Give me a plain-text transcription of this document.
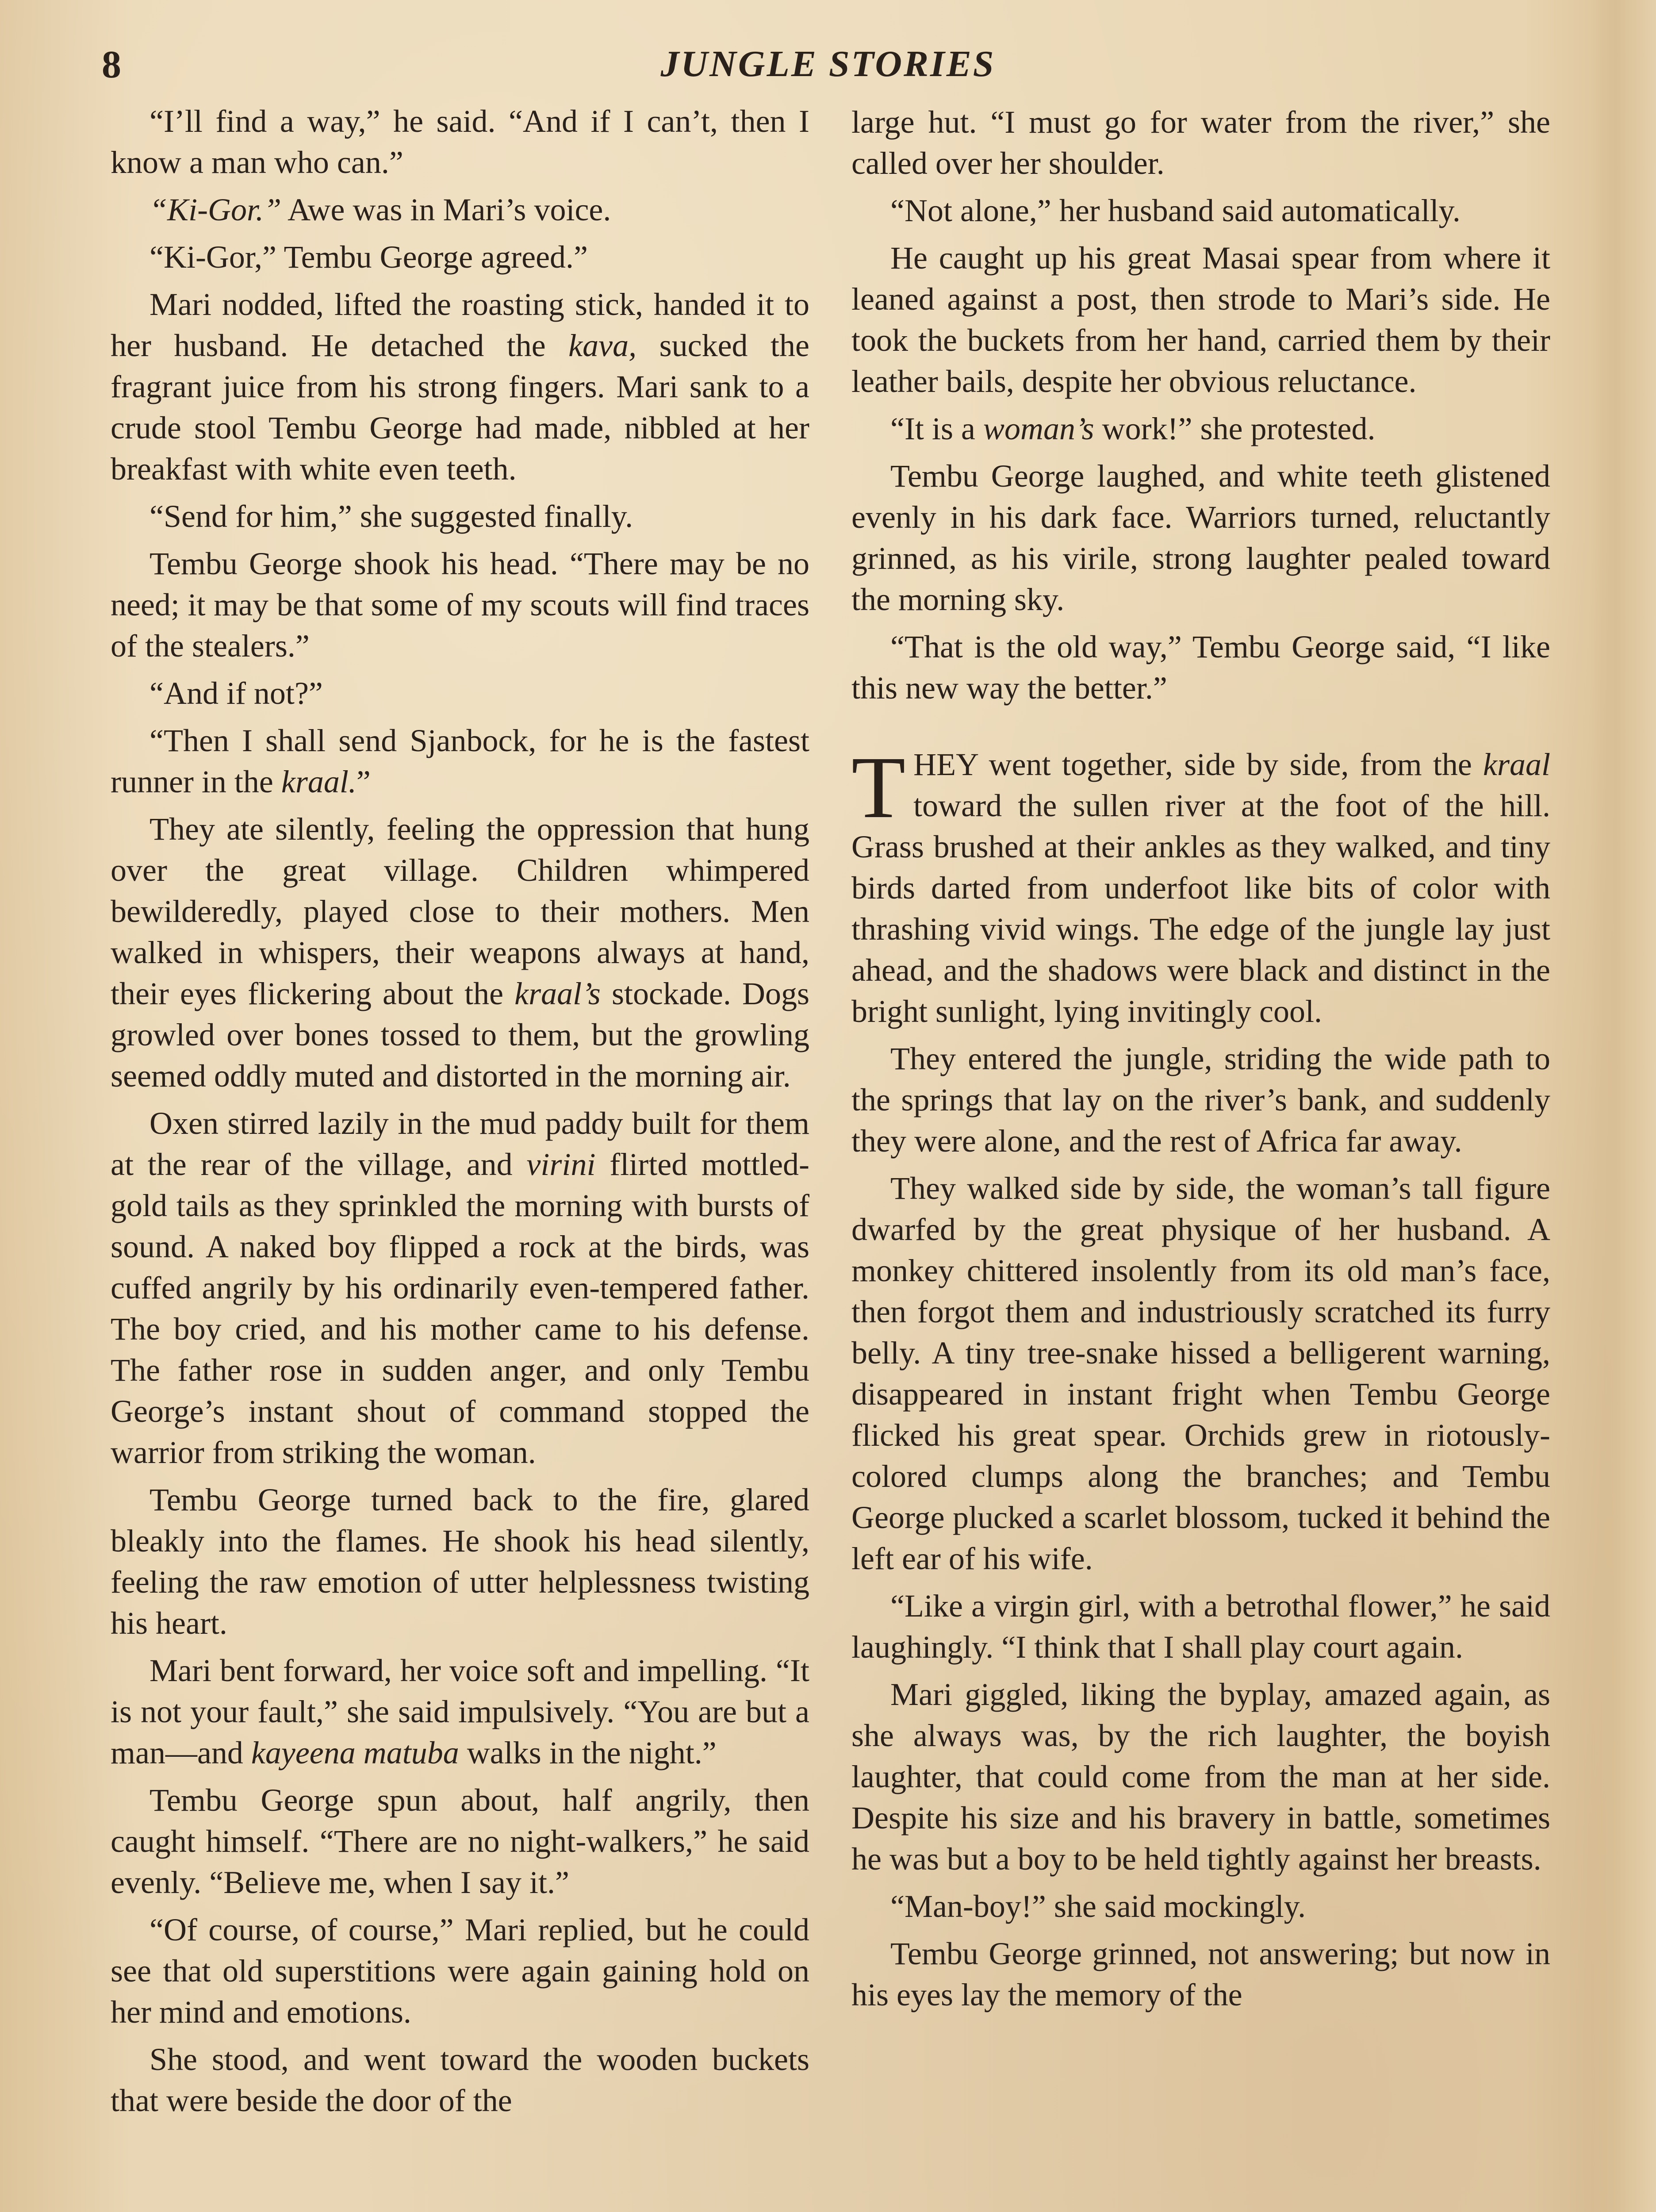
8	JUNGLE STORIES

“I’ll find a way,” he said. “And if I can’t, then I know a man who can.”

“Ki-Gor.” Awe was in Mari’s voice.

“Ki-Gor,” Tembu George agreed.”

Mari nodded, lifted the roasting stick, handed it to her husband. He detached the kava, sucked the fragrant juice from his strong fingers. Mari sank to a crude stool Tembu George had made, nibbled at her breakfast with white even teeth.

“Send for him,” she suggested finally.

Tembu George shook his head. “There may be no need; it may be that some of my scouts will find traces of the stealers.”

“And if not?”

“Then I shall send Sjanbock, for he is the fastest runner in the kraal.”

They ate silently, feeling the oppression that hung over the great village. Children whimpered bewilderedly, played close to their mothers. Men walked in whispers, their weapons always at hand, their eyes flickering about the kraal’s stockade. Dogs growled over bones tossed to them, but the growling seemed oddly muted and distorted in the morning air.

Oxen stirred lazily in the mud paddy built for them at the rear of the village, and virini flirted mottled-gold tails as they sprinkled the morning with bursts of sound. A naked boy flipped a rock at the birds, was cuffed angrily by his ordinarily even-tempered father. The boy cried, and his mother came to his defense. The father rose in sudden anger, and only Tembu George’s instant shout of command stopped the warrior from striking the woman.

Tembu George turned back to the fire, glared bleakly into the flames. He shook his head silently, feeling the raw emotion of utter helplessness twisting his heart.

Mari bent forward, her voice soft and impelling. “It is not your fault,” she said impulsively. “You are but a man—and kayeena matuba walks in the night.”

Tembu George spun about, half angrily, then caught himself. “There are no night-walkers,” he said evenly. “Believe me, when I say it.”

“Of course, of course,” Mari replied, but he could see that old superstitions were again gaining hold on her mind and emotions.

She stood, and went toward the wooden buckets that were beside the door of the

large hut. “I must go for water from the river,” she called over her shoulder.

“Not alone,” her husband said automatically.

He caught up his great Masai spear from where it leaned against a post, then strode to Mari’s side. He took the buckets from her hand, carried them by their leather bails, despite her obvious reluctance.

“It is a woman’s work!” she protested.

Tembu George laughed, and white teeth glistened evenly in his dark face. Warriors turned, reluctantly grinned, as his virile, strong laughter pealed toward the morning sky.

“That is the old way,” Tembu George said, “I like this new way the better.”

THEY went together, side by side, from the kraal toward the sullen river at the foot of the hill. Grass brushed at their ankles as they walked, and tiny birds darted from underfoot like bits of color with thrashing vivid wings. The edge of the jungle lay just ahead, and the shadows were black and distinct in the bright sunlight, lying invitingly cool.

They entered the jungle, striding the wide path to the springs that lay on the river’s bank, and suddenly they were alone, and the rest of Africa far away.

They walked side by side, the woman’s tall figure dwarfed by the great physique of her husband. A monkey chittered insolently from its old man’s face, then forgot them and industriously scratched its furry belly. A tiny tree-snake hissed a belligerent warning, disappeared in instant fright when Tembu George flicked his great spear. Orchids grew in riotously-colored clumps along the branches; and Tembu George plucked a scarlet blossom, tucked it behind the left ear of his wife.

“Like a virgin girl, with a betrothal flower,” he said laughingly. “I think that I shall play court again.

Mari giggled, liking the byplay, amazed again, as she always was, by the rich laughter, the boyish laughter, that could come from the man at her side. Despite his size and his bravery in battle, sometimes he was but a boy to be held tightly against her breasts.

“Man-boy!” she said mockingly.

Tembu George grinned, not answering; but now in his eyes lay the memory of the
